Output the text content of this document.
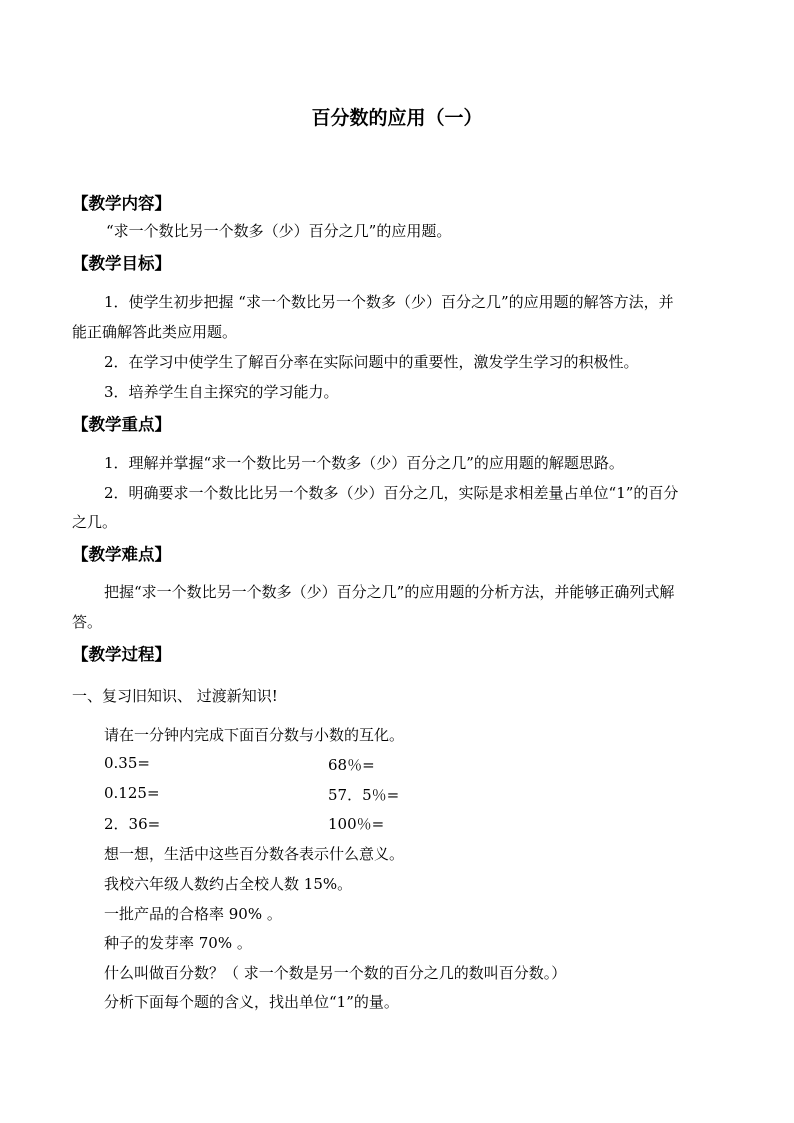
百分数的应用（一）
【教学内容】
“求一个数比另一个数多（少）百分之几”的应用题。
【教学目标】
1．使学生初步把握 “求一个数比另一个数多（少）百分之几”的应用题的解答方法，并
能正确解答此类应用题。
2．在学习中使学生了解百分率在实际问题中的重要性，激发学生学习的积极性。
3．培养学生自主探究的学习能力。
【教学重点】
1．理解并掌握“求一个数比另一个数多（少）百分之几”的应用题的解题思路。
2．明确要求一个数比比另一个数多（少）百分之几，实际是求相差量占单位“1”的百分
之几。
【教学难点】
把握“求一个数比另一个数多（少）百分之几”的应用题的分析方法，并能够正确列式解
答。
【教学过程】
一、复习旧知识、 过渡新知识!
请在一分钟内完成下面百分数与小数的互化。
0.35=	68％=
0.125=	57．5％=
2．36=	100％=
想一想，生活中这些百分数各表示什么意义。
我校六年级人数约占全校人数 15%。
一批产品的合格率 90% 。
种子的发芽率 70% 。
什么叫做百分数？（ 求一个数是另一个数的百分之几的数叫百分数。）
分析下面每个题的含义，找出单位“1”的量。
